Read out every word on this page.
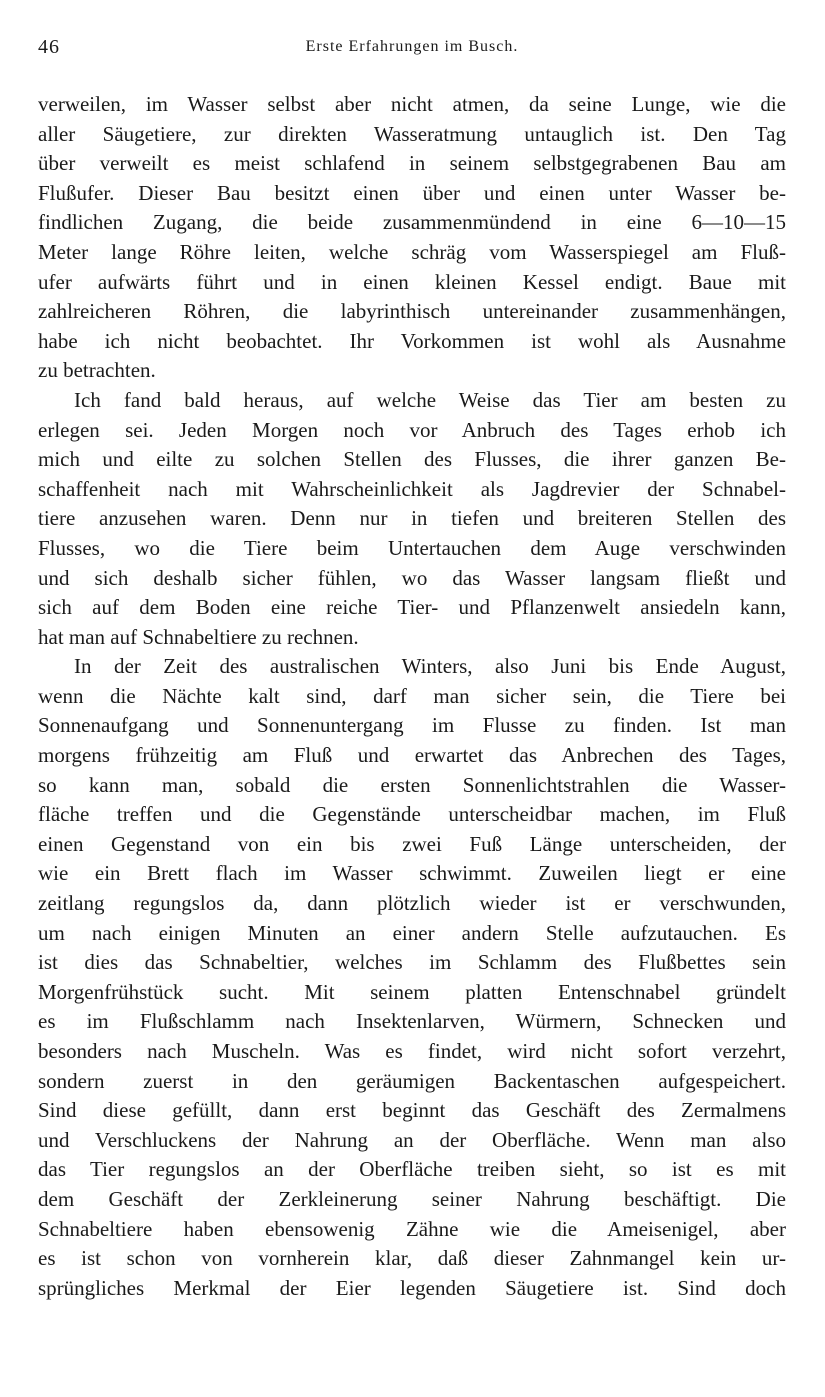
46	Erste Erfahrungen im Busch.
verweilen, im Wasser selbst aber nicht atmen, da seine Lunge, wie die
aller Säugetiere, zur direkten Wasseratmung untauglich ist. Den Tag
über verweilt es meist schlafend in seinem selbstgegrabenen Bau am
Flußufer. Dieser Bau besitzt einen über und einen unter Wasser be-
findlichen Zugang, die beide zusammenmündend in eine 6—10—15
Meter lange Röhre leiten, welche schräg vom Wasserspiegel am Fluß-
ufer aufwärts führt und in einen kleinen Kessel endigt. Baue mit
zahlreicheren Röhren, die labyrinthisch untereinander zusammenhängen,
habe ich nicht beobachtet. Ihr Vorkommen ist wohl als Ausnahme
zu betrachten.
Ich fand bald heraus, auf welche Weise das Tier am besten zu
erlegen sei. Jeden Morgen noch vor Anbruch des Tages erhob ich
mich und eilte zu solchen Stellen des Flusses, die ihrer ganzen Be-
schaffenheit nach mit Wahrscheinlichkeit als Jagdrevier der Schnabel-
tiere anzusehen waren. Denn nur in tiefen und breiteren Stellen des
Flusses, wo die Tiere beim Untertauchen dem Auge verschwinden
und sich deshalb sicher fühlen, wo das Wasser langsam fließt und
sich auf dem Boden eine reiche Tier- und Pflanzenwelt ansiedeln kann,
hat man auf Schnabeltiere zu rechnen.
In der Zeit des australischen Winters, also Juni bis Ende August,
wenn die Nächte kalt sind, darf man sicher sein, die Tiere bei
Sonnenaufgang und Sonnenuntergang im Flusse zu finden. Ist man
morgens frühzeitig am Fluß und erwartet das Anbrechen des Tages,
so kann man, sobald die ersten Sonnenlichtstrahlen die Wasser-
fläche treffen und die Gegenstände unterscheidbar machen, im Fluß
einen Gegenstand von ein bis zwei Fuß Länge unterscheiden, der
wie ein Brett flach im Wasser schwimmt. Zuweilen liegt er eine
zeitlang regungslos da, dann plötzlich wieder ist er verschwunden,
um nach einigen Minuten an einer andern Stelle aufzutauchen. Es
ist dies das Schnabeltier, welches im Schlamm des Flußbettes sein
Morgenfrühstück sucht. Mit seinem platten Entenschnabel gründelt
es im Flußschlamm nach Insektenlarven, Würmern, Schnecken und
besonders nach Muscheln. Was es findet, wird nicht sofort verzehrt,
sondern zuerst in den geräumigen Backentaschen aufgespeichert.
Sind diese gefüllt, dann erst beginnt das Geschäft des Zermalmens
und Verschluckens der Nahrung an der Oberfläche. Wenn man also
das Tier regungslos an der Oberfläche treiben sieht, so ist es mit
dem Geschäft der Zerkleinerung seiner Nahrung beschäftigt. Die
Schnabeltiere haben ebensowenig Zähne wie die Ameisenigel, aber
es ist schon von vornherein klar, daß dieser Zahnmangel kein ur-
sprüngliches Merkmal der Eier legenden Säugetiere ist. Sind doch
